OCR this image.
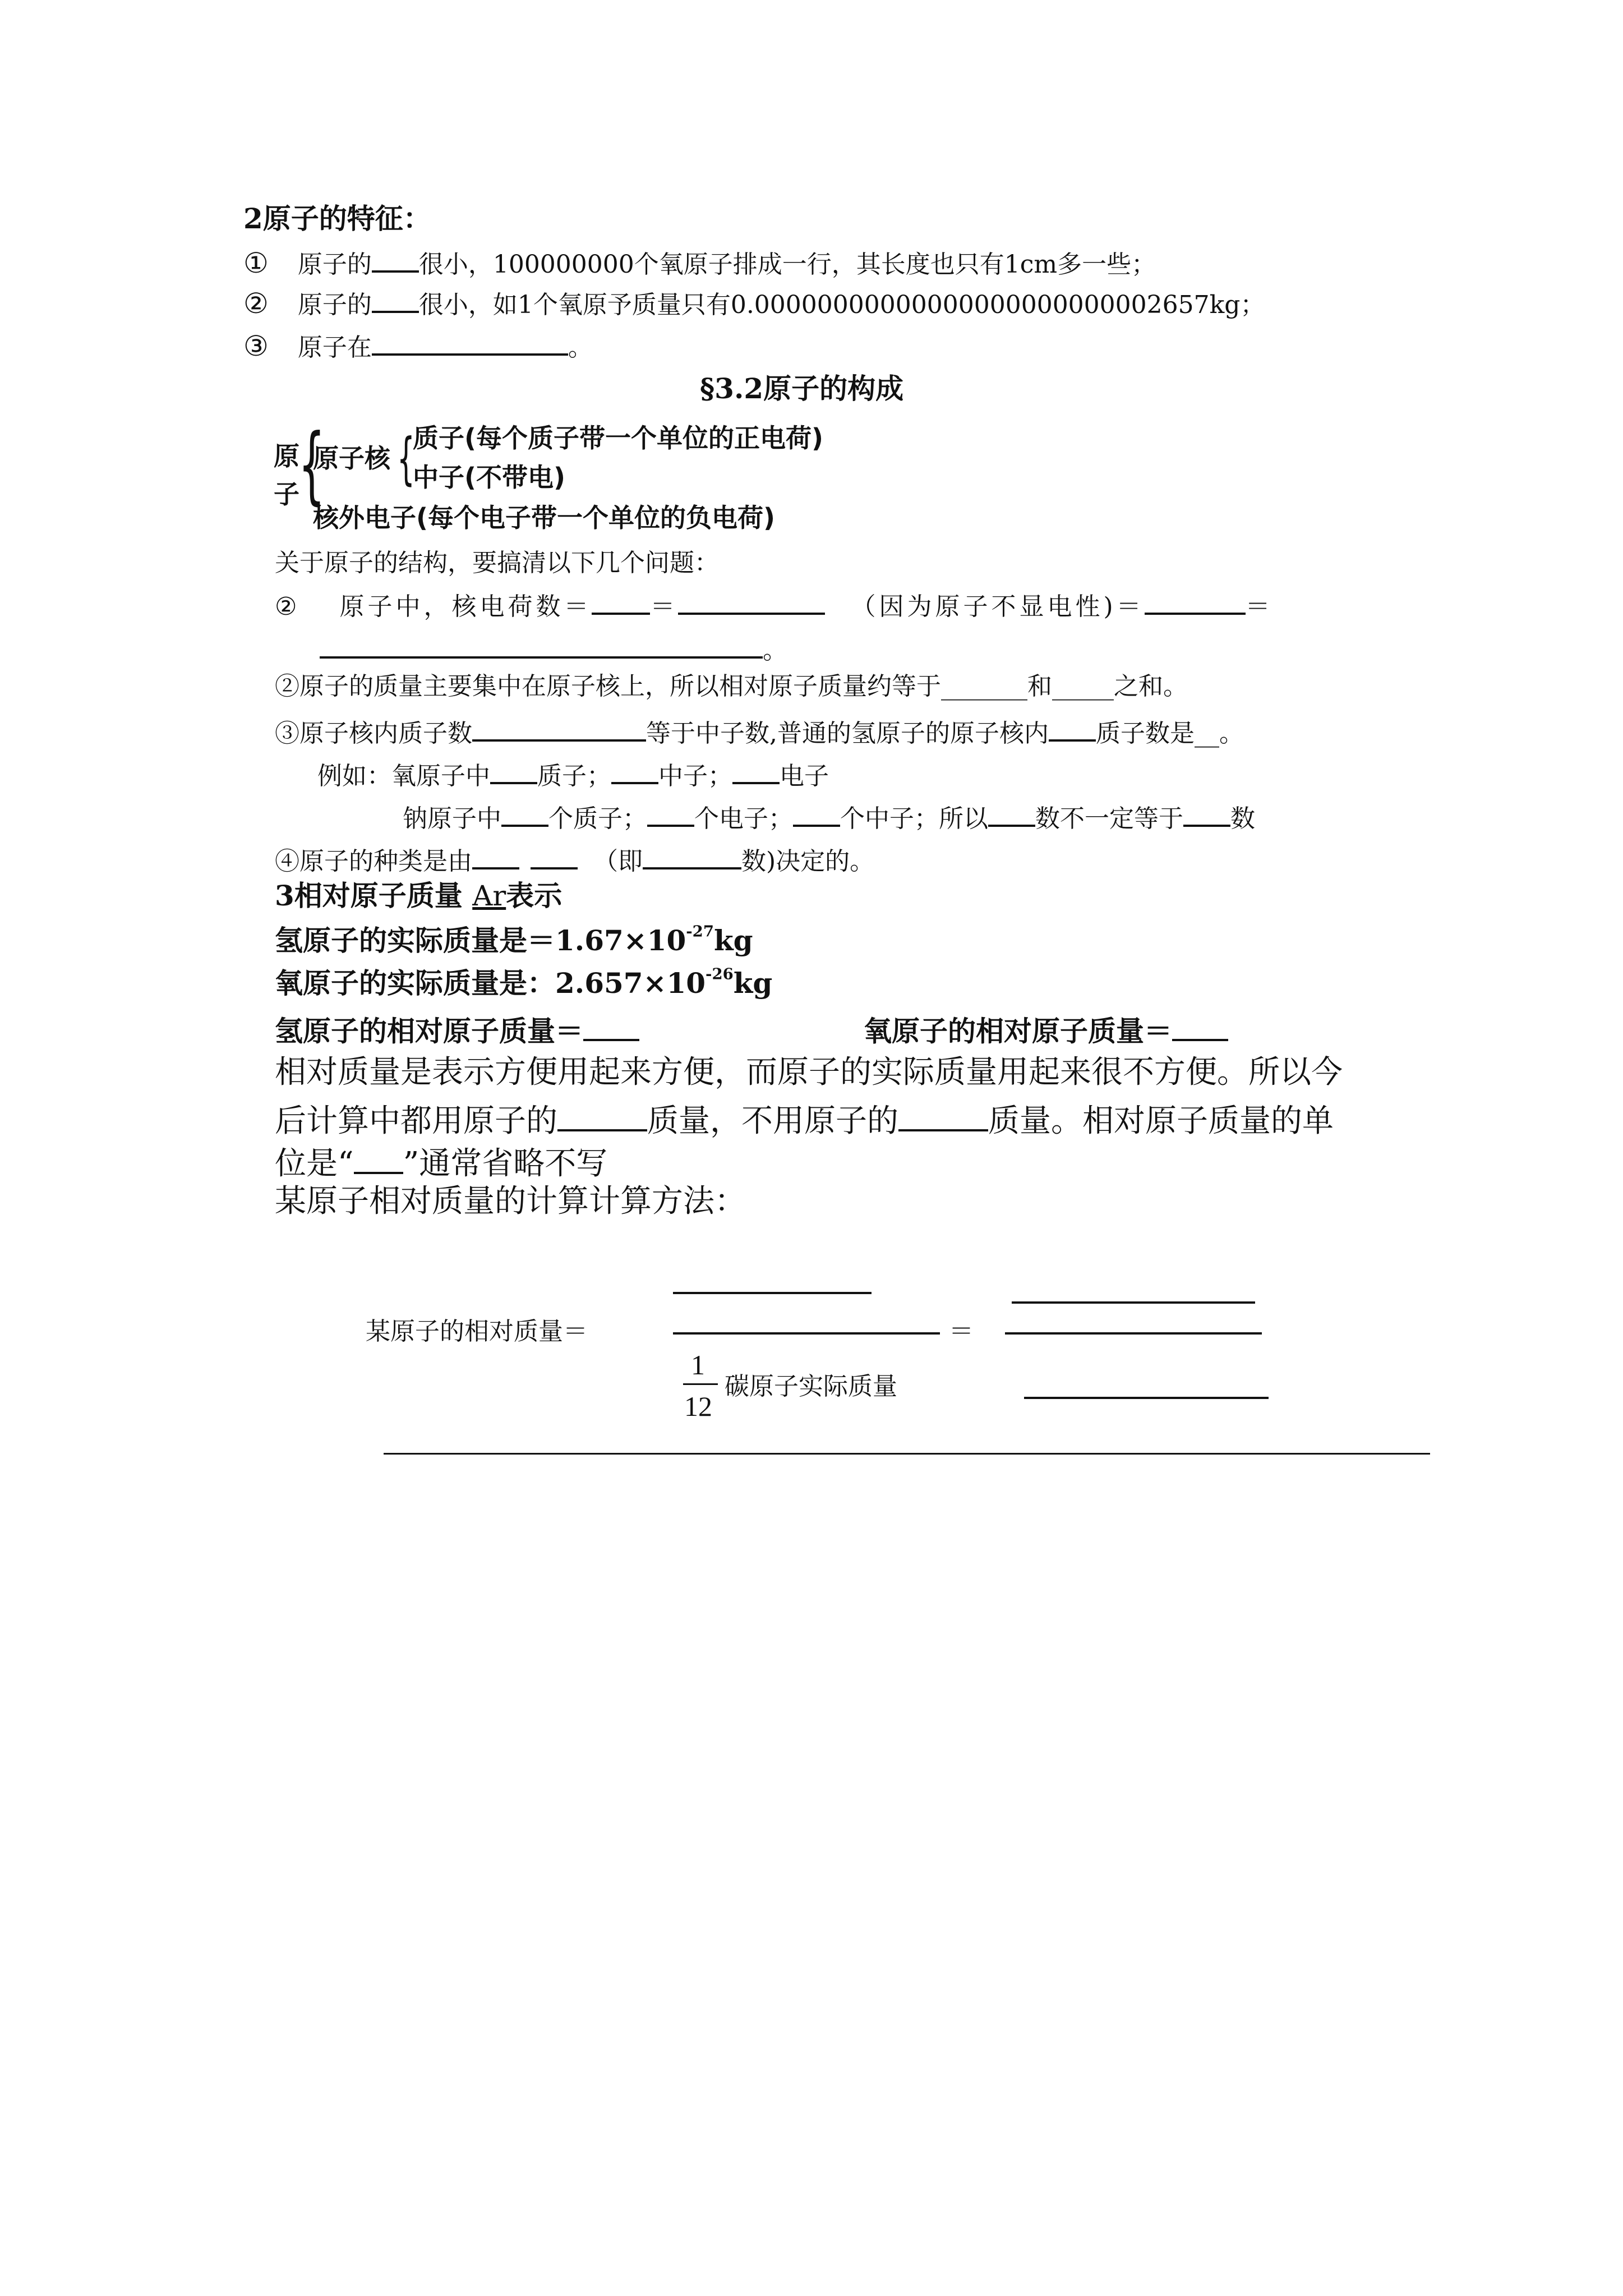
2原子的特征：
① 原子的 很小，100000000个氧原子排成一行，其长度也只有1cm多一些；
② 原子的 很小，如1个氧原予质量只有0.00000000000000000000000002657kg；
③ 原子在	。
§3.2原子的构成
原
子
{
原子核 {
质子(每个质子带一个单位的正电荷)
中子(不带电)
核外电子(每个电子带一个单位的负电荷)
关于原子的结构，要搞清以下几个问题：
② 原子中，核电荷数＝ ＝	（因为原子不显电性)＝	＝
。
②原子的质量主要集中在原子核上，所以相对原子质量约等于_______和_____之和。
③原子核内质子数	等于中子数,普通的氢原子的原子核内 质子数是__。
例如：氧原子中 质子； 中子； 电子
钠原子中 个质子； 个电子； 个中子；所以 数不一定等于 数
④原子的种类是由	（即	数)决定的。
3相对原子质量 Ar表示
氢原子的实际质量是$=1.67\times 10^{-27}kg$
氧原子的实际质量是：$2.657\times 10^{-26}kg$
氢原子的相对原子质量＝	氧原子的相对原子质量＝
相对质量是表示方便用起来方便，而原子的实际质量用起来很不方便。所以今
后计算中都用原子的	质量，不用原子的	质量。相对原子质量的单
位是“ ”通常省略不写
某原子相对质量的计算计算方法：
某原子的相对质量＝	＝
1
12
碳原子实际质量
